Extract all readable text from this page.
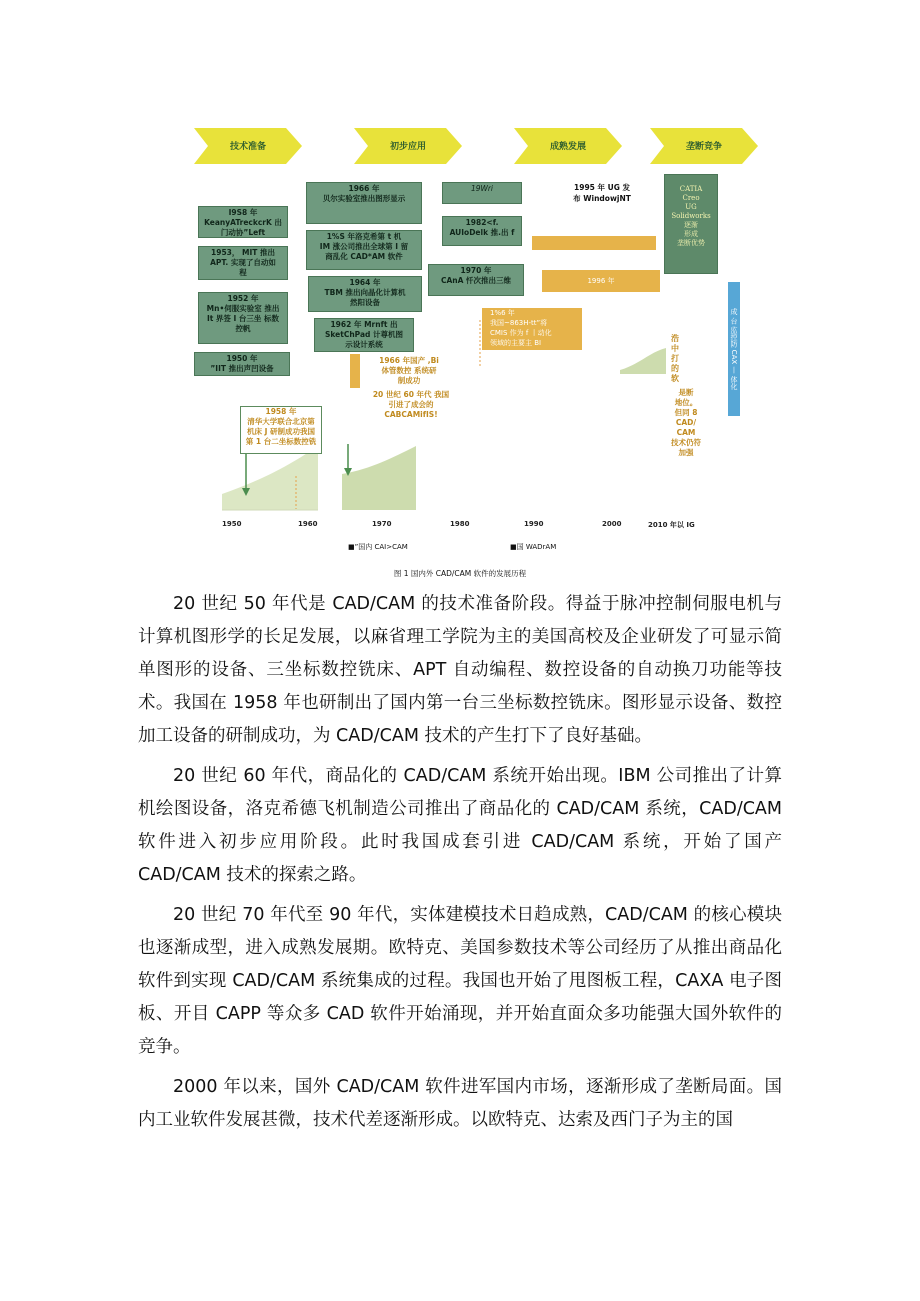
技术准备	初步应用	成熟发展	垄断竞争
1966 年
贝尔实验室推出图形显示
I9S8 年
KeanyATreckcrK 出
门动协”Left
1953， MIT 推出
APT. 实现了自动如
程
1952 年
Mn•伺服实验室 推出
It 界签 I 台三坐 标数
控帆
1950 年
”IIT 推出声凹设备
1%S 年洛克希第 t 机
IM 涨公司推出全球第 I 留
商乱化 CAD*AM 软件
1964 年
TBM 推出向晶化计算机
然阳设备
1962 年 Mrnft 出
SketChPad 计尊机图
示设计系统
19Wri
1982<f.
AUIoDelk 推.出 f
1970 年
CAnA 忏次推出三维	1996 年
1%6 年
我国~863H-tt”将
CMIS 作为 f 丨动化
领域的主要主 BI
1995 年 UG 发
布 WindowjNT
CATIA
Creo
UG
Solidworks
逐渐
形成
垄断优势
成 台 监控防 CAX 丨 体化
1966 年国产 ,Bi
体管数控 系统研
制成功
20 世纪 60 年代 我国
引进了成会的
CABCAMifIS!
1958 年
清华大学联合北京第
机床 J 研制成功我国
第 1 台二坐标数控铣
浩
中
打
的
软
是断
地位。
但同 8
CAD/
CAM
技术仍符
加强
1950	1960	1970	1980	1990	2000	2010 年以 IG
■”国内 CAI>CAM	■国 WADrAM
图 1 国内外 CAD/CAM 软件的发展历程

20 世纪 50 年代是 CAD/CAM 的技术准备阶段。得益于脉冲控制伺服电机与计算机图形学的长足发展，以麻省理工学院为主的美国高校及企业研发了可显示简单图形的设备、三坐标数控铣床、APT 自动编程、数控设备的自动换刀功能等技术。我国在 1958 年也研制出了国内第一台三坐标数控铣床。图形显示设备、数控加工设备的研制成功，为 CAD/CAM 技术的产生打下了良好基础。

20 世纪 60 年代，商品化的 CAD/CAM 系统开始出现。IBM 公司推出了计算机绘图设备，洛克希德飞机制造公司推出了商品化的 CAD/CAM 系统，CAD/CAM 软件进入初步应用阶段。此时我国成套引进 CAD/CAM 系统，开始了国产 CAD/CAM 技术的探索之路。

20 世纪 70 年代至 90 年代，实体建模技术日趋成熟，CAD/CAM 的核心模块也逐渐成型，进入成熟发展期。欧特克、美国参数技术等公司经历了从推出商品化软件到实现 CAD/CAM 系统集成的过程。我国也开始了甩图板工程，CAXA 电子图板、开目 CAPP 等众多 CAD 软件开始涌现，并开始直面众多功能强大国外软件的竞争。

2000 年以来，国外 CAD/CAM 软件进军国内市场，逐渐形成了垄断局面。国内工业软件发展甚微，技术代差逐渐形成。以欧特克、达索及西门子为主的国
